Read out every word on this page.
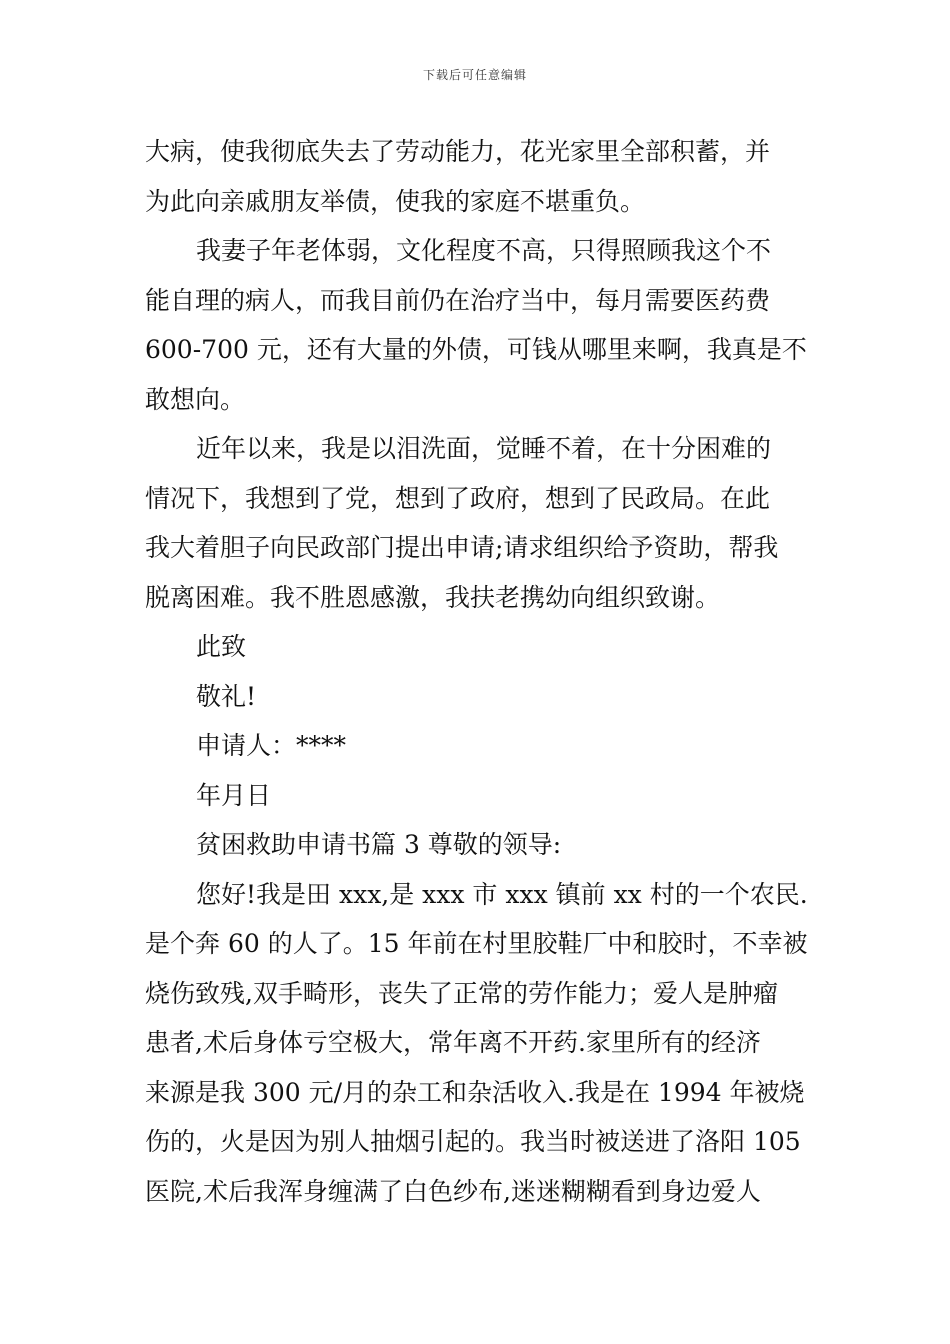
下载后可任意编辑
大病，使我彻底失去了劳动能力，花光家里全部积蓄，并
为此向亲戚朋友举债，使我的家庭不堪重负。
我妻子年老体弱，文化程度不高，只得照顾我这个不
能自理的病人，而我目前仍在治疗当中，每月需要医药费
600-700 元，还有大量的外债，可钱从哪里来啊，我真是不
敢想向。
近年以来，我是以泪洗面，觉睡不着，在十分困难的
情况下，我想到了党，想到了政府，想到了民政局。在此
我大着胆子向民政部门提出申请;请求组织给予资助，帮我
脱离困难。我不胜恩感激，我扶老携幼向组织致谢。
此致
敬礼!
申请人：****
年月日
贫困救助申请书篇 3 尊敬的领导:
您好!我是田 xxx,是 xxx 市 xxx 镇前 xx 村的一个农民.
是个奔 60 的人了。15 年前在村里胶鞋厂中和胶时，不幸被
烧伤致残,双手畸形，丧失了正常的劳作能力；爱人是肿瘤
患者,术后身体亏空极大，常年离不开药.家里所有的经济
来源是我 300 元/月的杂工和杂活收入.我是在 1994 年被烧
伤的，火是因为别人抽烟引起的。我当时被送进了洛阳 105
医院,术后我浑身缠满了白色纱布,迷迷糊糊看到身边爱人
